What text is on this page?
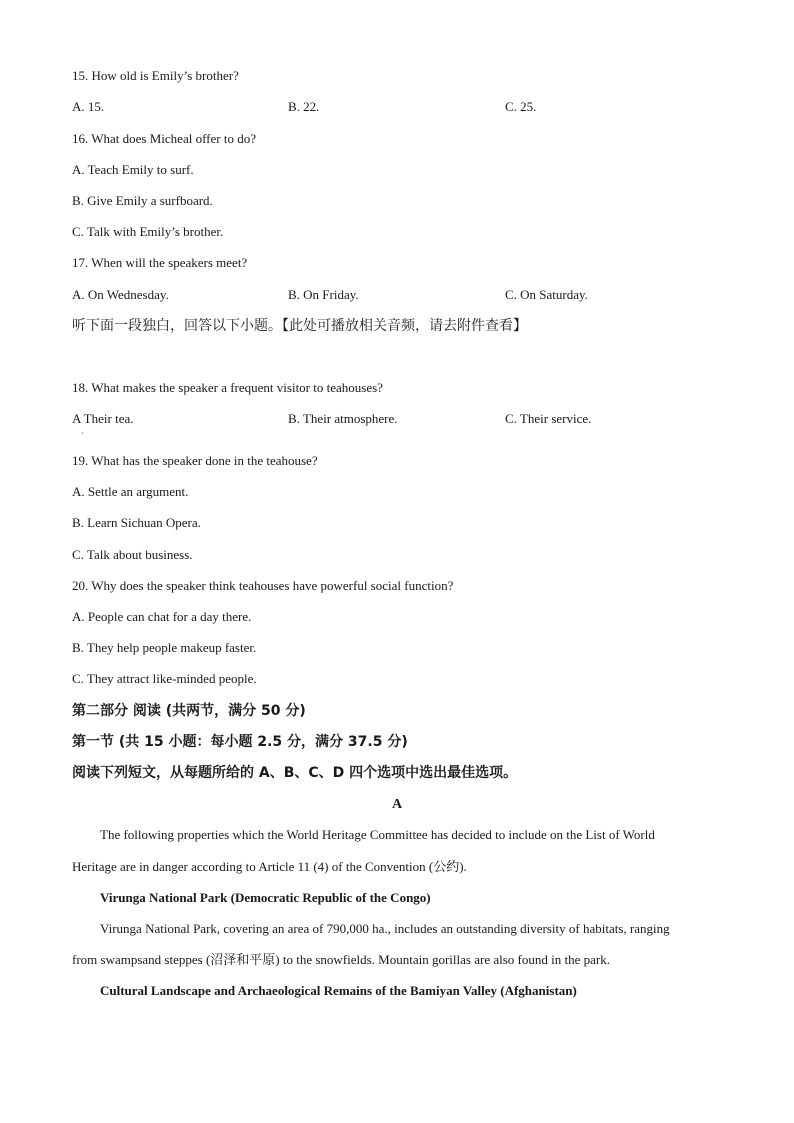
15. How old is Emily’s brother?
A. 15.	B. 22.	C. 25.
16. What does Micheal offer to do?
A. Teach Emily to surf.
B. Give Emily a surfboard.
C. Talk with Emily’s brother.
17. When will the speakers meet?
A. On Wednesday.	B. On Friday.	C. On Saturday.
听下面一段独白，回答以下小题。【此处可播放相关音频，请去附件查看】
18. What makes the speaker a frequent visitor to teahouses?
A Their tea.	B. Their atmosphere.	C. Their service.
·
19. What has the speaker done in the teahouse?
A. Settle an argument.
B. Learn Sichuan Opera.
C. Talk about business.
20. Why does the speaker think teahouses have powerful social function?
A. People can chat for a day there.
B. They help people makeup faster.
C. They attract like-minded people.
第二部分 阅读 (共两节，满分 50 分)
第一节 (共 15 小题：每小题 2.5 分，满分 37.5 分)
阅读下列短文，从每题所给的 A、B、C、D 四个选项中选出最佳选项。
A
The following properties which the World Heritage Committee has decided to include on the List of World
Heritage are in danger according to Article 11 (4) of the Convention (公约).
Virunga National Park (Democratic Republic of the Congo)
Virunga National Park, covering an area of 790,000 ha., includes an outstanding diversity of habitats, ranging
from swampsand steppes (沼泽和平原) to the snowfields. Mountain gorillas are also found in the park.
Cultural Landscape and Archaeological Remains of the Bamiyan Valley (Afghanistan)
